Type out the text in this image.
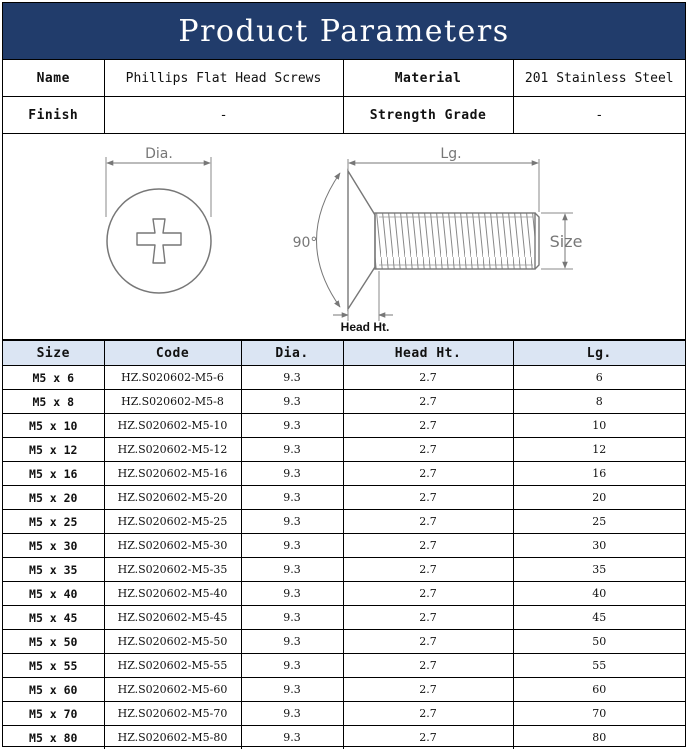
Product Parameters
Name	Phillips Flat Head Screws	Material	201 Stainless Steel
Finish	-	Strength Grade	-
Dia.	Lg.
Size
90°
Head Ht.
Size	Code	Dia.	Head Ht.	Lg.
M5 x 6	HZ.S020602-M5-6	9.3	2.7	6
M5 x 8	HZ.S020602-M5-8	9.3	2.7	8
M5 x 10	HZ.S020602-M5-10	9.3	2.7	10
M5 x 12	HZ.S020602-M5-12	9.3	2.7	12
M5 x 16	HZ.S020602-M5-16	9.3	2.7	16
M5 x 20	HZ.S020602-M5-20	9.3	2.7	20
M5 x 25	HZ.S020602-M5-25	9.3	2.7	25
M5 x 30	HZ.S020602-M5-30	9.3	2.7	30
M5 x 35	HZ.S020602-M5-35	9.3	2.7	35
M5 x 40	HZ.S020602-M5-40	9.3	2.7	40
M5 x 45	HZ.S020602-M5-45	9.3	2.7	45
M5 x 50	HZ.S020602-M5-50	9.3	2.7	50
M5 x 55	HZ.S020602-M5-55	9.3	2.7	55
M5 x 60	HZ.S020602-M5-60	9.3	2.7	60
M5 x 70	HZ.S020602-M5-70	9.3	2.7	70
M5 x 80	HZ.S020602-M5-80	9.3	2.7	80
